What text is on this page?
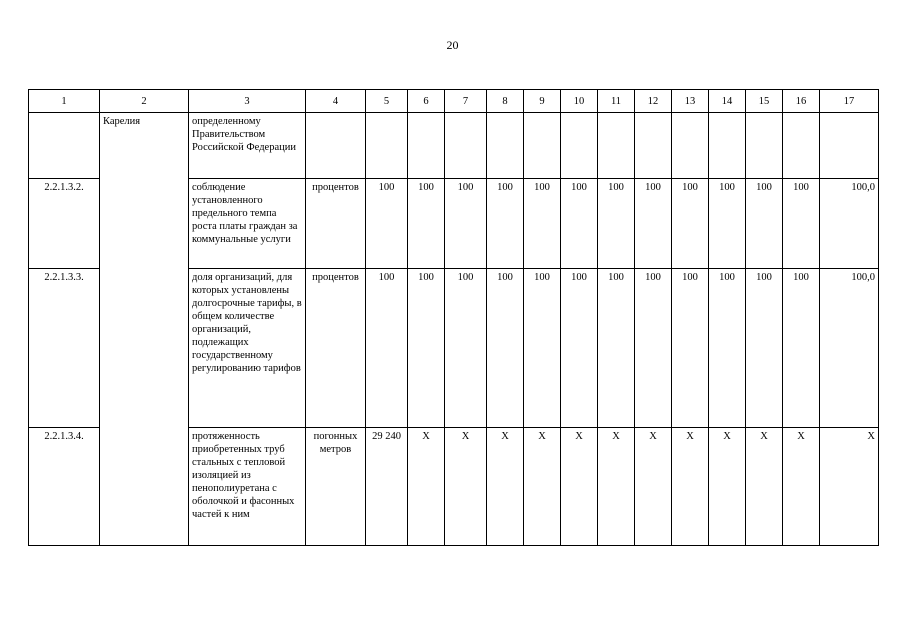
20
1	2	3	4	5	6	7	8	9	10	11	12	13	14	15	16	17
	Карелия	определенному Правительством Российской Федерации														
2.2.1.3.2.		соблюдение установленного предельного темпа роста платы граждан за коммунальные услуги	процентов	100	100	100	100	100	100	100	100	100	100	100	100	100,0
2.2.1.3.3.		доля организаций, для которых установлены долгосрочные тарифы, в общем количестве организаций, подлежащих государственному регулированию тарифов	процентов	100	100	100	100	100	100	100	100	100	100	100	100	100,0
2.2.1.3.4.		протяженность приобретенных труб стальных с тепловой изоляцией из пенополиуретана с оболочкой и фасонных частей к ним	погонных метров	29 240	Х	Х	Х	Х	Х	Х	Х	Х	Х	Х	Х	Х
